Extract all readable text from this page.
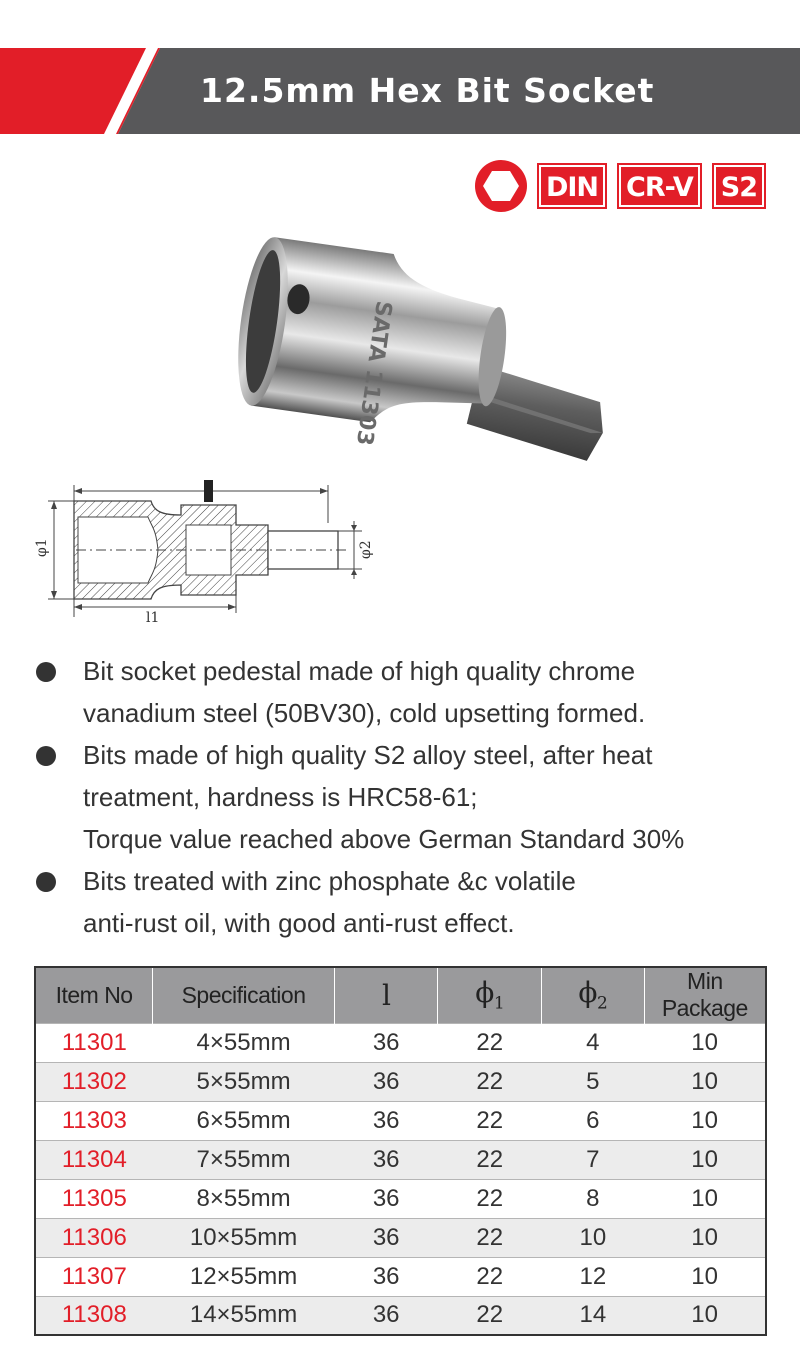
12.5mm Hex Bit Socket
DIN	CR-V	S2
SATA 11303
φ1	φ2
l1
Bit socket pedestal made of high quality chrome
vanadium steel (50BV30), cold upsetting formed.
Bits made of high quality S2 alloy steel, after heat
treatment, hardness is HRC58-61;
Torque value reached above German Standard 30%
Bits treated with zinc phosphate &c volatile
anti-rust oil, with good anti-rust effect.
Item No	Specification	l	$\phi_1$	$\phi_2$	Min Package
11301	4×55mm	36	22	4	10
11302	5×55mm	36	22	5	10
11303	6×55mm	36	22	6	10
11304	7×55mm	36	22	7	10
11305	8×55mm	36	22	8	10
11306	10×55mm	36	22	10	10
11307	12×55mm	36	22	12	10
11308	14×55mm	36	22	14	10
